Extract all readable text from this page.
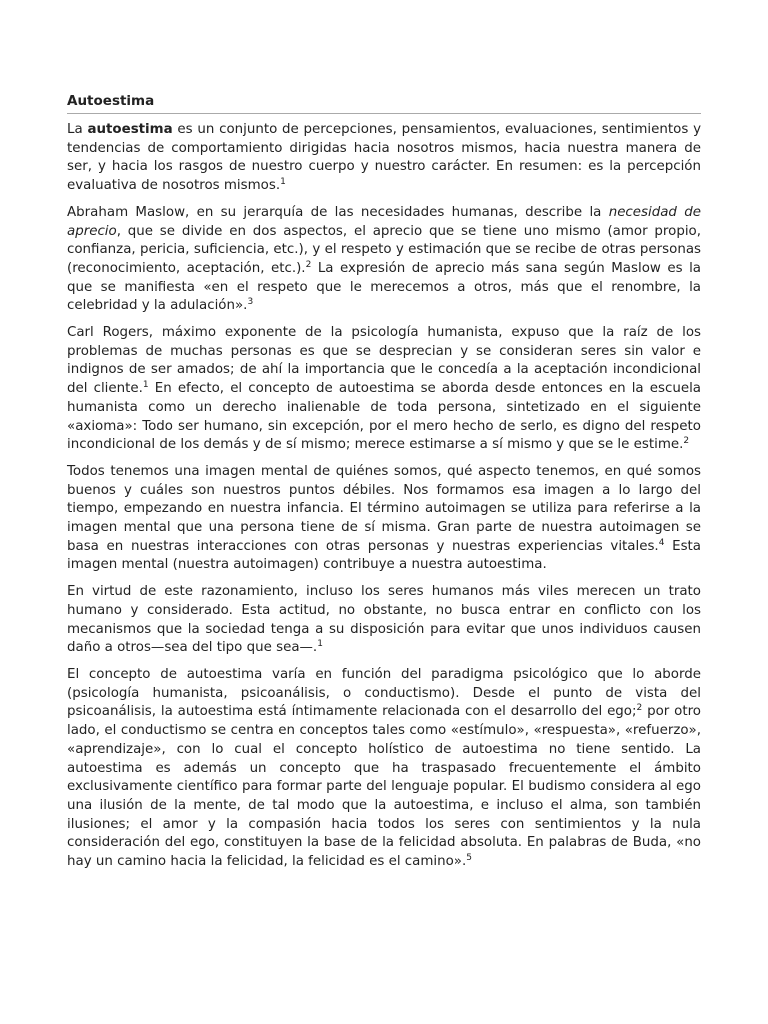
Autoestima

La autoestima es un conjunto de percepciones, pensamientos, evaluaciones, sentimientos y tendencias de comportamiento dirigidas hacia nosotros mismos, hacia nuestra manera de ser, y hacia los rasgos de nuestro cuerpo y nuestro carácter. En resumen: es la percepción evaluativa de nosotros mismos.$^1$

Abraham Maslow, en su jerarquía de las necesidades humanas, describe la necesidad de aprecio, que se divide en dos aspectos, el aprecio que se tiene uno mismo (amor propio, confianza, pericia, suficiencia, etc.), y el respeto y estimación que se recibe de otras personas (reconocimiento, aceptación, etc.).$^2$ La expresión de aprecio más sana según Maslow es la que se manifiesta «en el respeto que le merecemos a otros, más que el renombre, la celebridad y la adulación».$^3$

Carl Rogers, máximo exponente de la psicología humanista, expuso que la raíz de los problemas de muchas personas es que se desprecian y se consideran seres sin valor e indignos de ser amados; de ahí la importancia que le concedía a la aceptación incondicional del cliente.$^1$ En efecto, el concepto de autoestima se aborda desde entonces en la escuela humanista como un derecho inalienable de toda persona, sintetizado en el siguiente «axioma»: Todo ser humano, sin excepción, por el mero hecho de serlo, es digno del respeto incondicional de los demás y de sí mismo; merece estimarse a sí mismo y que se le estime.$^2$

Todos tenemos una imagen mental de quiénes somos, qué aspecto tenemos, en qué somos buenos y cuáles son nuestros puntos débiles. Nos formamos esa imagen a lo largo del tiempo, empezando en nuestra infancia. El término autoimagen se utiliza para referirse a la imagen mental que una persona tiene de sí misma. Gran parte de nuestra autoimagen se basa en nuestras interacciones con otras personas y nuestras experiencias vitales.$^4$ Esta imagen mental (nuestra autoimagen) contribuye a nuestra autoestima.

En virtud de este razonamiento, incluso los seres humanos más viles merecen un trato humano y considerado. Esta actitud, no obstante, no busca entrar en conflicto con los mecanismos que la sociedad tenga a su disposición para evitar que unos individuos causen daño a otros—sea del tipo que sea—.$^1$

El concepto de autoestima varía en función del paradigma psicológico que lo aborde (psicología humanista, psicoanálisis, o conductismo). Desde el punto de vista del psicoanálisis, la autoestima está íntimamente relacionada con el desarrollo del ego;$^2$ por otro lado, el conductismo se centra en conceptos tales como «estímulo», «respuesta», «refuerzo», «aprendizaje», con lo cual el concepto holístico de autoestima no tiene sentido. La autoestima es además un concepto que ha traspasado frecuentemente el ámbito exclusivamente científico para formar parte del lenguaje popular. El budismo considera al ego una ilusión de la mente, de tal modo que la autoestima, e incluso el alma, son también ilusiones; el amor y la compasión hacia todos los seres con sentimientos y la nula consideración del ego, constituyen la base de la felicidad absoluta. En palabras de Buda, «no hay un camino hacia la felicidad, la felicidad es el camino».$^5$
